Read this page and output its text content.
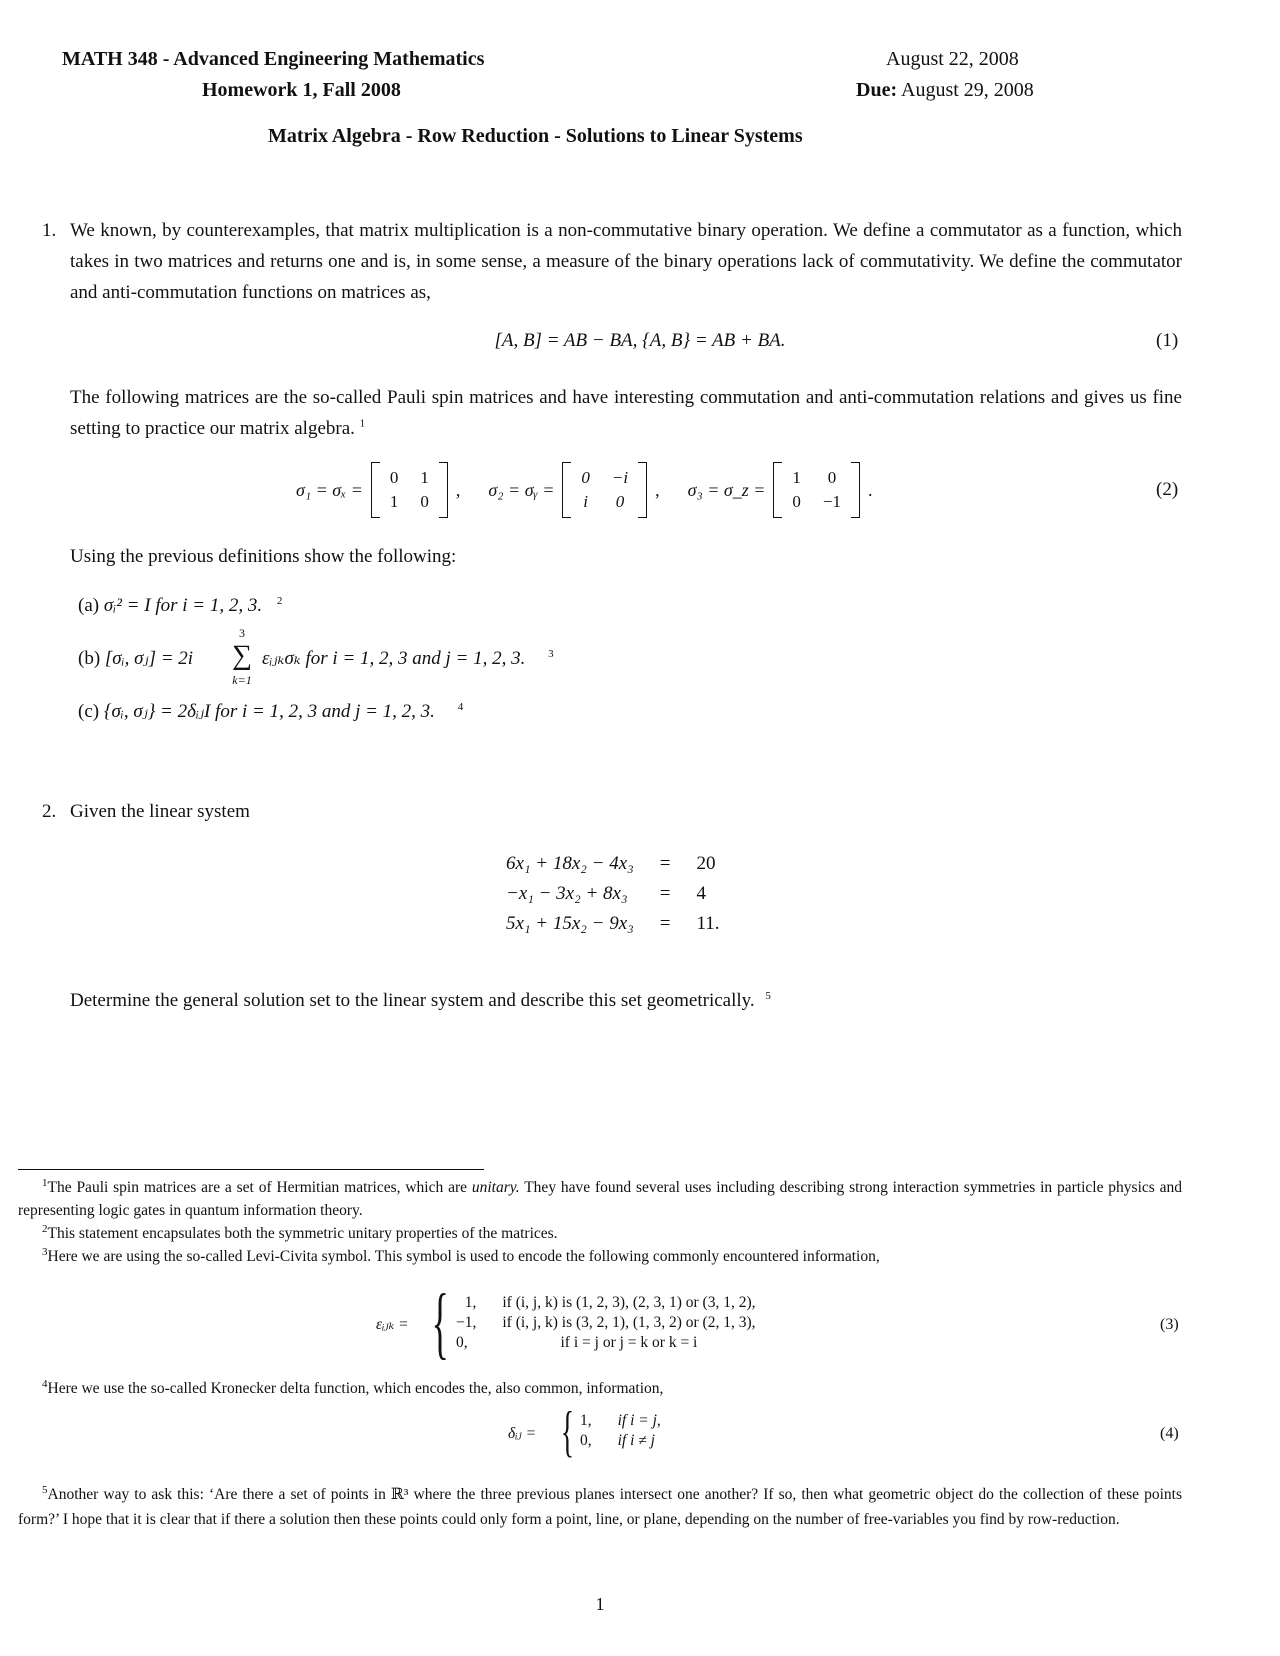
MATH 348 - Advanced Engineering Mathematics
Homework 1, Fall 2008
August 22, 2008
Due: August 29, 2008
Matrix Algebra - Row Reduction - Solutions to Linear Systems
1. We known, by counterexamples, that matrix multiplication is a non-commutative binary operation. We define a commutator as a function, which takes in two matrices and returns one and is, in some sense, a measure of the binary operations lack of commutativity. We define the commutator and anti-commutation functions on matrices as,
[A, B] = AB − BA, {A, B} = AB + BA.	(1)
The following matrices are the so-called Pauli spin matrices and have interesting commutation and anti-commutation relations and gives us fine setting to practice our matrix algebra. $^1$
σ₁ = σₓ =
0 1
1 0
, σ₂ = σᵧ =
0 −i
i 0
, σ₃ = σ_z =
1 0
0 −1
.	(2)
Using the previous definitions show the following:
(a) σᵢ² = I for i = 1, 2, 3. $^2$
(b) [σᵢ, σⱼ] = 2i
3
∑
k=1
εᵢⱼₖσₖ for i = 1, 2, 3 and j = 1, 2, 3. $^3$
(c) {σᵢ, σⱼ} = 2δᵢⱼI for i = 1, 2, 3 and j = 1, 2, 3. $^4$
2. Given the linear system
6x₁ + 18x₂ − 4x₃	=	20
−x₁ − 3x₂ + 8x₃	=	4
5x₁ + 15x₂ − 9x₃	=	11.
Determine the general solution set to the linear system and describe this set geometrically. $^5$
$^1$The Pauli spin matrices are a set of Hermitian matrices, which are unitary. They have found several uses including describing strong interaction symmetries in particle physics and representing logic gates in quantum information theory.
$^2$This statement encapsulates both the symmetric unitary properties of the matrices.
$^3$Here we are using the so-called Levi-Civita symbol. This symbol is used to encode the following commonly encountered information,
εᵢⱼₖ = { 1,	if (i, j, k) is (1, 2, 3), (2, 3, 1) or (3, 1, 2),
−1,	if (i, j, k) is (3, 2, 1), (1, 3, 2) or (2, 1, 3),
0,	if i = j or j = k or k = i
(3)
$^4$Here we use the so-called Kronecker delta function, which encodes the, also common, information,
δᵢⱼ = { 1,	if i = j,
0,	if i ≠ j	(4)
$^5$Another way to ask this: ‘Are there a set of points in ℝ³ where the three previous planes intersect one another? If so, then what geometric object do the collection of these points form?’ I hope that it is clear that if there a solution then these points could only form a point, line, or plane, depending on the number of free-variables you find by row-reduction.
1
